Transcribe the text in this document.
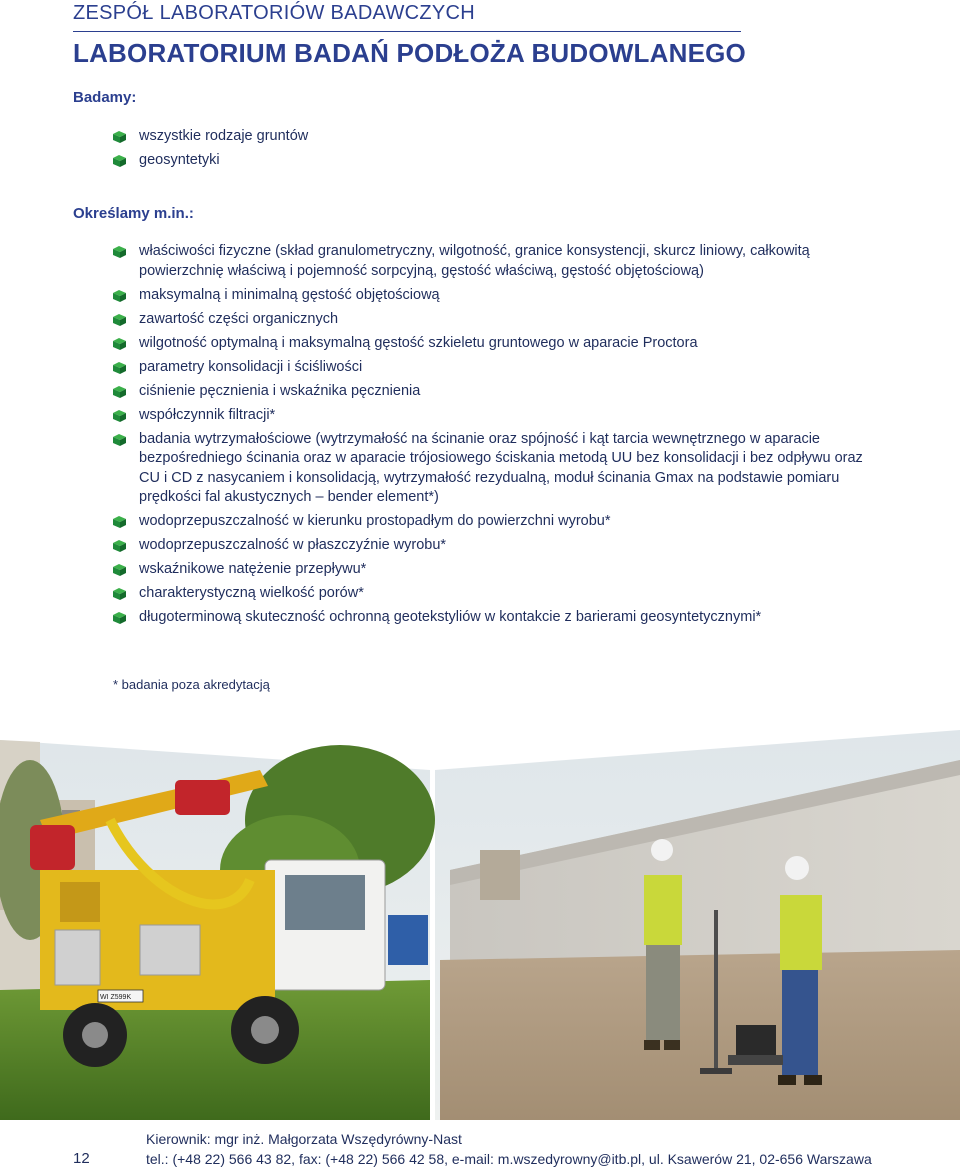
ZESPÓŁ LABORATORIÓW BADAWCZYCH
LABORATORIUM BADAŃ PODŁOŻA BUDOWLANEGO
Badamy:
wszystkie rodzaje gruntów
geosyntetyki
Określamy m.in.:
właściwości fizyczne (skład granulometryczny, wilgotność, granice konsystencji, skurcz liniowy, całkowitą powierzchnię właściwą i pojemność sorpcyjną, gęstość właściwą, gęstość objętościową)
maksymalną i minimalną gęstość objętościową
zawartość części organicznych
wilgotność optymalną i maksymalną gęstość szkieletu gruntowego w aparacie Proctora
parametry konsolidacji i ściśliwości
ciśnienie pęcznienia i wskaźnika pęcznienia
współczynnik filtracji*
badania wytrzymałościowe (wytrzymałość na ścinanie oraz spójność i kąt tarcia wewnętrznego w aparacie bezpośredniego ścinania oraz w aparacie trójosiowego ściskania metodą UU bez konsolidacji i bez odpływu oraz CU i CD z nasycaniem i konsolidacją, wytrzymałość rezydualną, moduł ścinania Gmax na podstawie pomiaru prędkości fal akustycznych – bender element*)
wodoprzepuszczalność w kierunku prostopadłym do powierzchni wyrobu*
wodoprzepuszczalność w płaszczyźnie wyrobu*
wskaźnikowe natężenie przepływu*
charakterystyczną wielkość porów*
długoterminową skuteczność ochronną geotekstyliów w kontakcie z barierami geosyntetycznymi*
* badania poza akredytacją
WI Z599K
12
Kierownik: mgr inż. Małgorzata Wszędyrówny-Nast
tel.: (+48 22) 566 43 82, fax: (+48 22) 566 42 58, e-mail: m.wszedyrowny@itb.pl, ul. Ksawerów 21, 02-656 Warszawa
